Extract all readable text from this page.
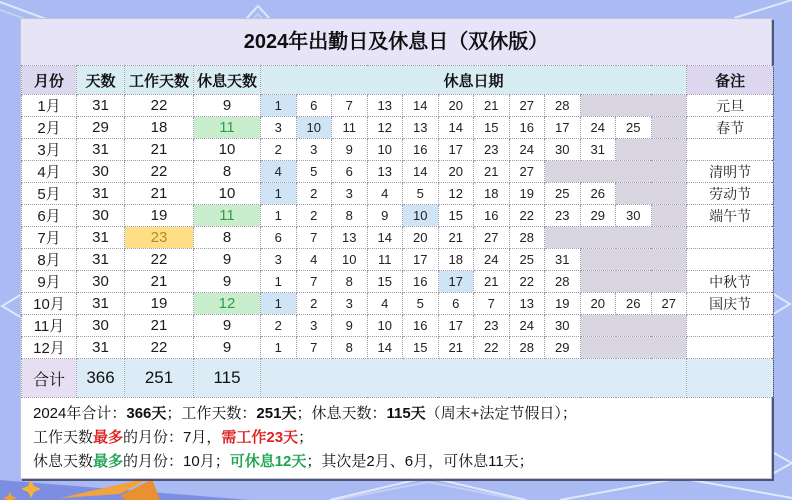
2024年出勤日及休息日（双休版）
月份	天数	工作天数	休息天数	休息日期												备注
1月	31	22	9	1	6	7	13	14	20	21	27	28				元旦
2月	29	18	11	3	10	11	12	13	14	15	16	17	24	25		春节
3月	31	21	10	2	3	9	10	16	17	23	24	30	31			
4月	30	22	8	4	5	6	13	14	20	21	27					清明节
5月	31	21	10	1	2	3	4	5	12	18	19	25	26			劳动节
6月	30	19	11	1	2	8	9	10	15	16	22	23	29	30		端午节
7月	31	23	8	6	7	13	14	20	21	27	28					
8月	31	22	9	3	4	10	11	17	18	24	25	31				
9月	30	21	9	1	7	8	15	16	17	21	22	28				中秋节
10月	31	19	12	1	2	3	4	5	6	7	13	19	20	26	27	国庆节
11月	30	21	9	2	3	9	10	16	17	23	24	30				
12月	31	22	9	1	7	8	14	15	21	22	28	29				
合计	366	251	115													
2024年合计：366天；工作天数：251天；休息天数：115天（周末+法定节假日）；
工作天数最多的月份：7月，需工作23天；
休息天数最多的月份：10月；可休息12天；其次是2月、6月，可休息11天；
